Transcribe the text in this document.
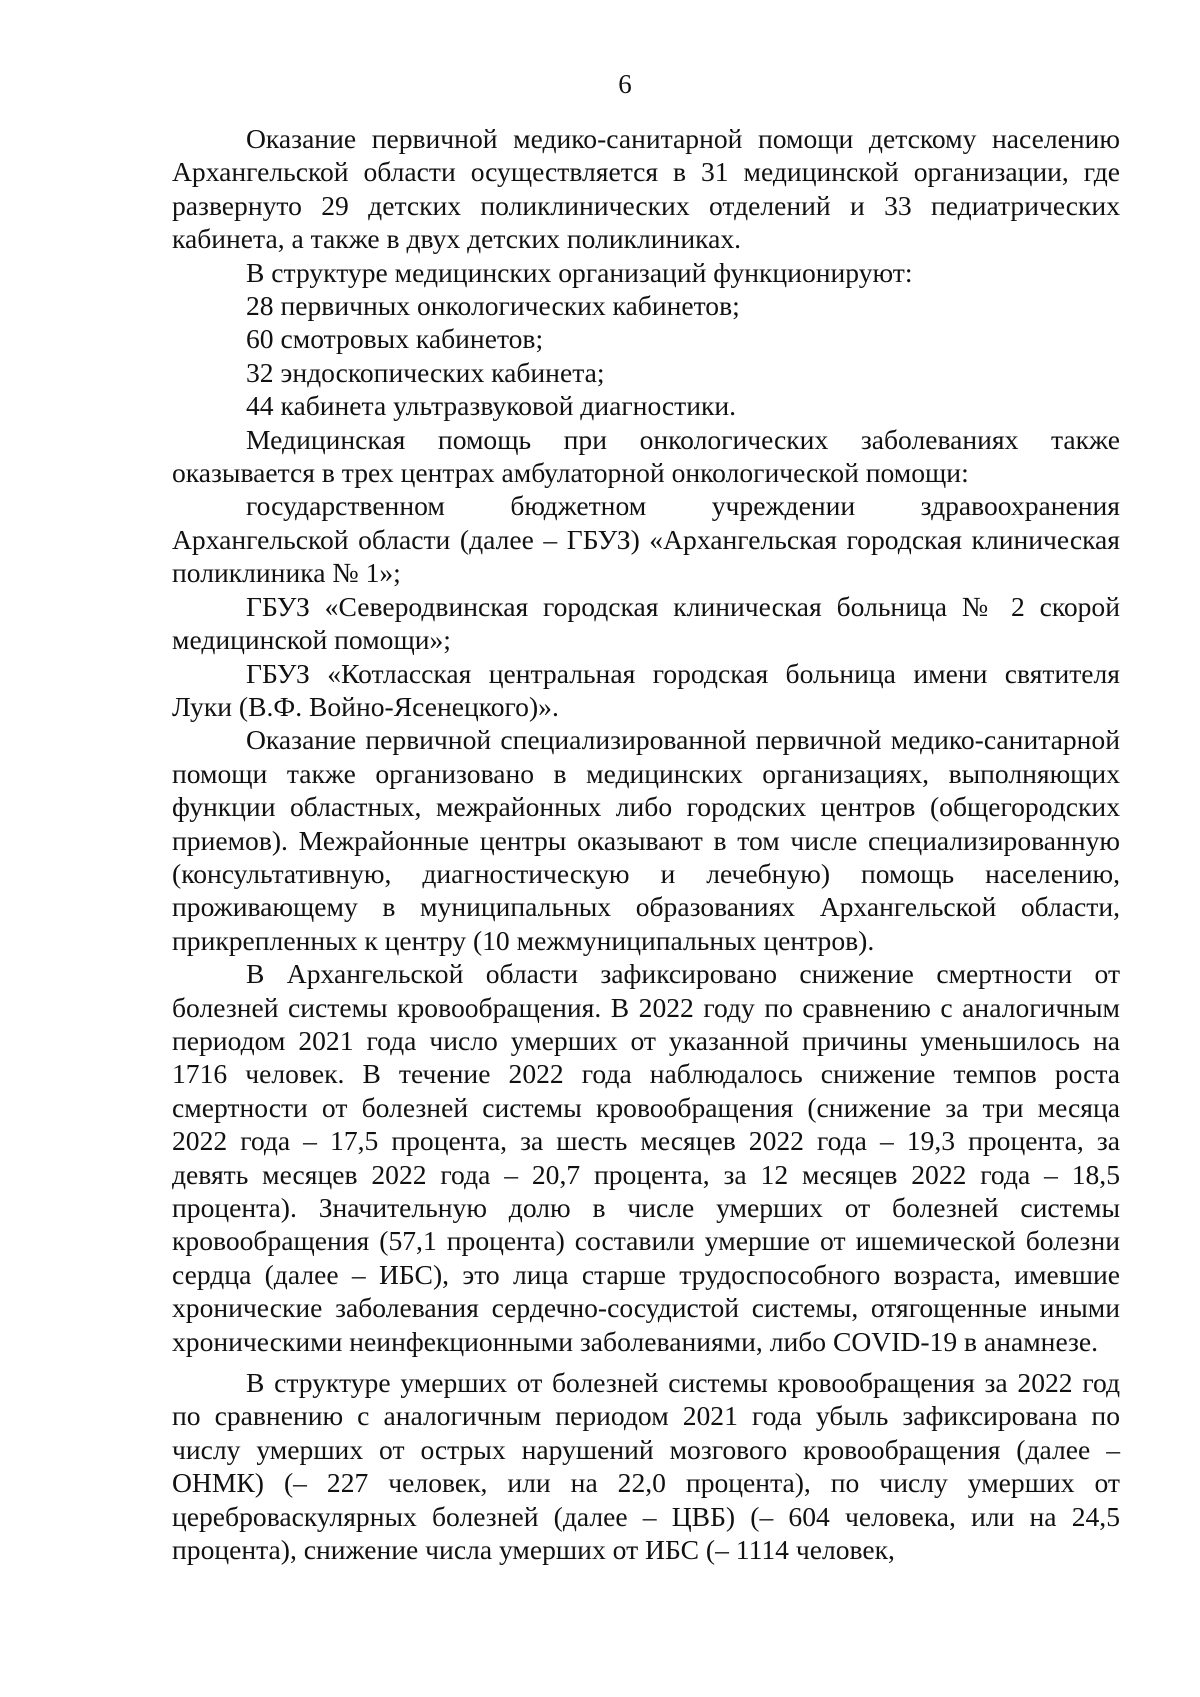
6

Оказание первичной медико-санитарной помощи детскому населению Архангельской области осуществляется в 31 медицинской организации, где развернуто 29 детских поликлинических отделений и 33 педиатрических кабинета, а также в двух детских поликлиниках.

В структуре медицинских организаций функционируют:

28 первичных онкологических кабинетов;

60 смотровых кабинетов;

32 эндоскопических кабинета;

44 кабинета ультразвуковой диагностики.

Медицинская помощь при онкологических заболеваниях также оказывается в трех центрах амбулаторной онкологической помощи:

государственном бюджетном учреждении здравоохранения Архангельской области (далее – ГБУЗ) «Архангельская городская клиническая поликлиника № 1»;

ГБУЗ «Северодвинская городская клиническая больница № 2 скорой медицинской помощи»;

ГБУЗ «Котласская центральная городская больница имени святителя Луки (В.Ф. Войно-Ясенецкого)».

Оказание первичной специализированной первичной медико-санитарной помощи также организовано в медицинских организациях, выполняющих функции областных, межрайонных либо городских центров (общегородских приемов). Межрайонные центры оказывают в том числе специализированную (консультативную, диагностическую и лечебную) помощь населению, проживающему в муниципальных образованиях Архангельской области, прикрепленных к центру (10 межмуниципальных центров).

В Архангельской области зафиксировано снижение смертности от болезней системы кровообращения. В 2022 году по сравнению с аналогичным периодом 2021 года число умерших от указанной причины уменьшилось на 1716 человек. В течение 2022 года наблюдалось снижение темпов роста смертности от болезней системы кровообращения (снижение за три месяца 2022 года – 17,5 процента, за шесть месяцев 2022 года – 19,3 процента, за девять месяцев 2022 года – 20,7 процента, за 12 месяцев 2022 года – 18,5 процента). Значительную долю в числе умерших от болезней системы кровообращения (57,1 процента) составили умершие от ишемической болезни сердца (далее – ИБС), это лица старше трудоспособного возраста, имевшие хронические заболевания сердечно-сосудистой системы, отягощенные иными хроническими неинфекционными заболеваниями, либо COVID-19 в анамнезе.

В структуре умерших от болезней системы кровообращения за 2022 год по сравнению с аналогичным периодом 2021 года убыль зафиксирована по числу умерших от острых нарушений мозгового кровообращения (далее – ОНМК) (– 227 человек, или на 22,0 процента), по числу умерших от цереброваскулярных болезней (далее – ЦВБ) (– 604 человека, или на 24,5 процента), снижение числа умерших от ИБС (– 1114 человек,
